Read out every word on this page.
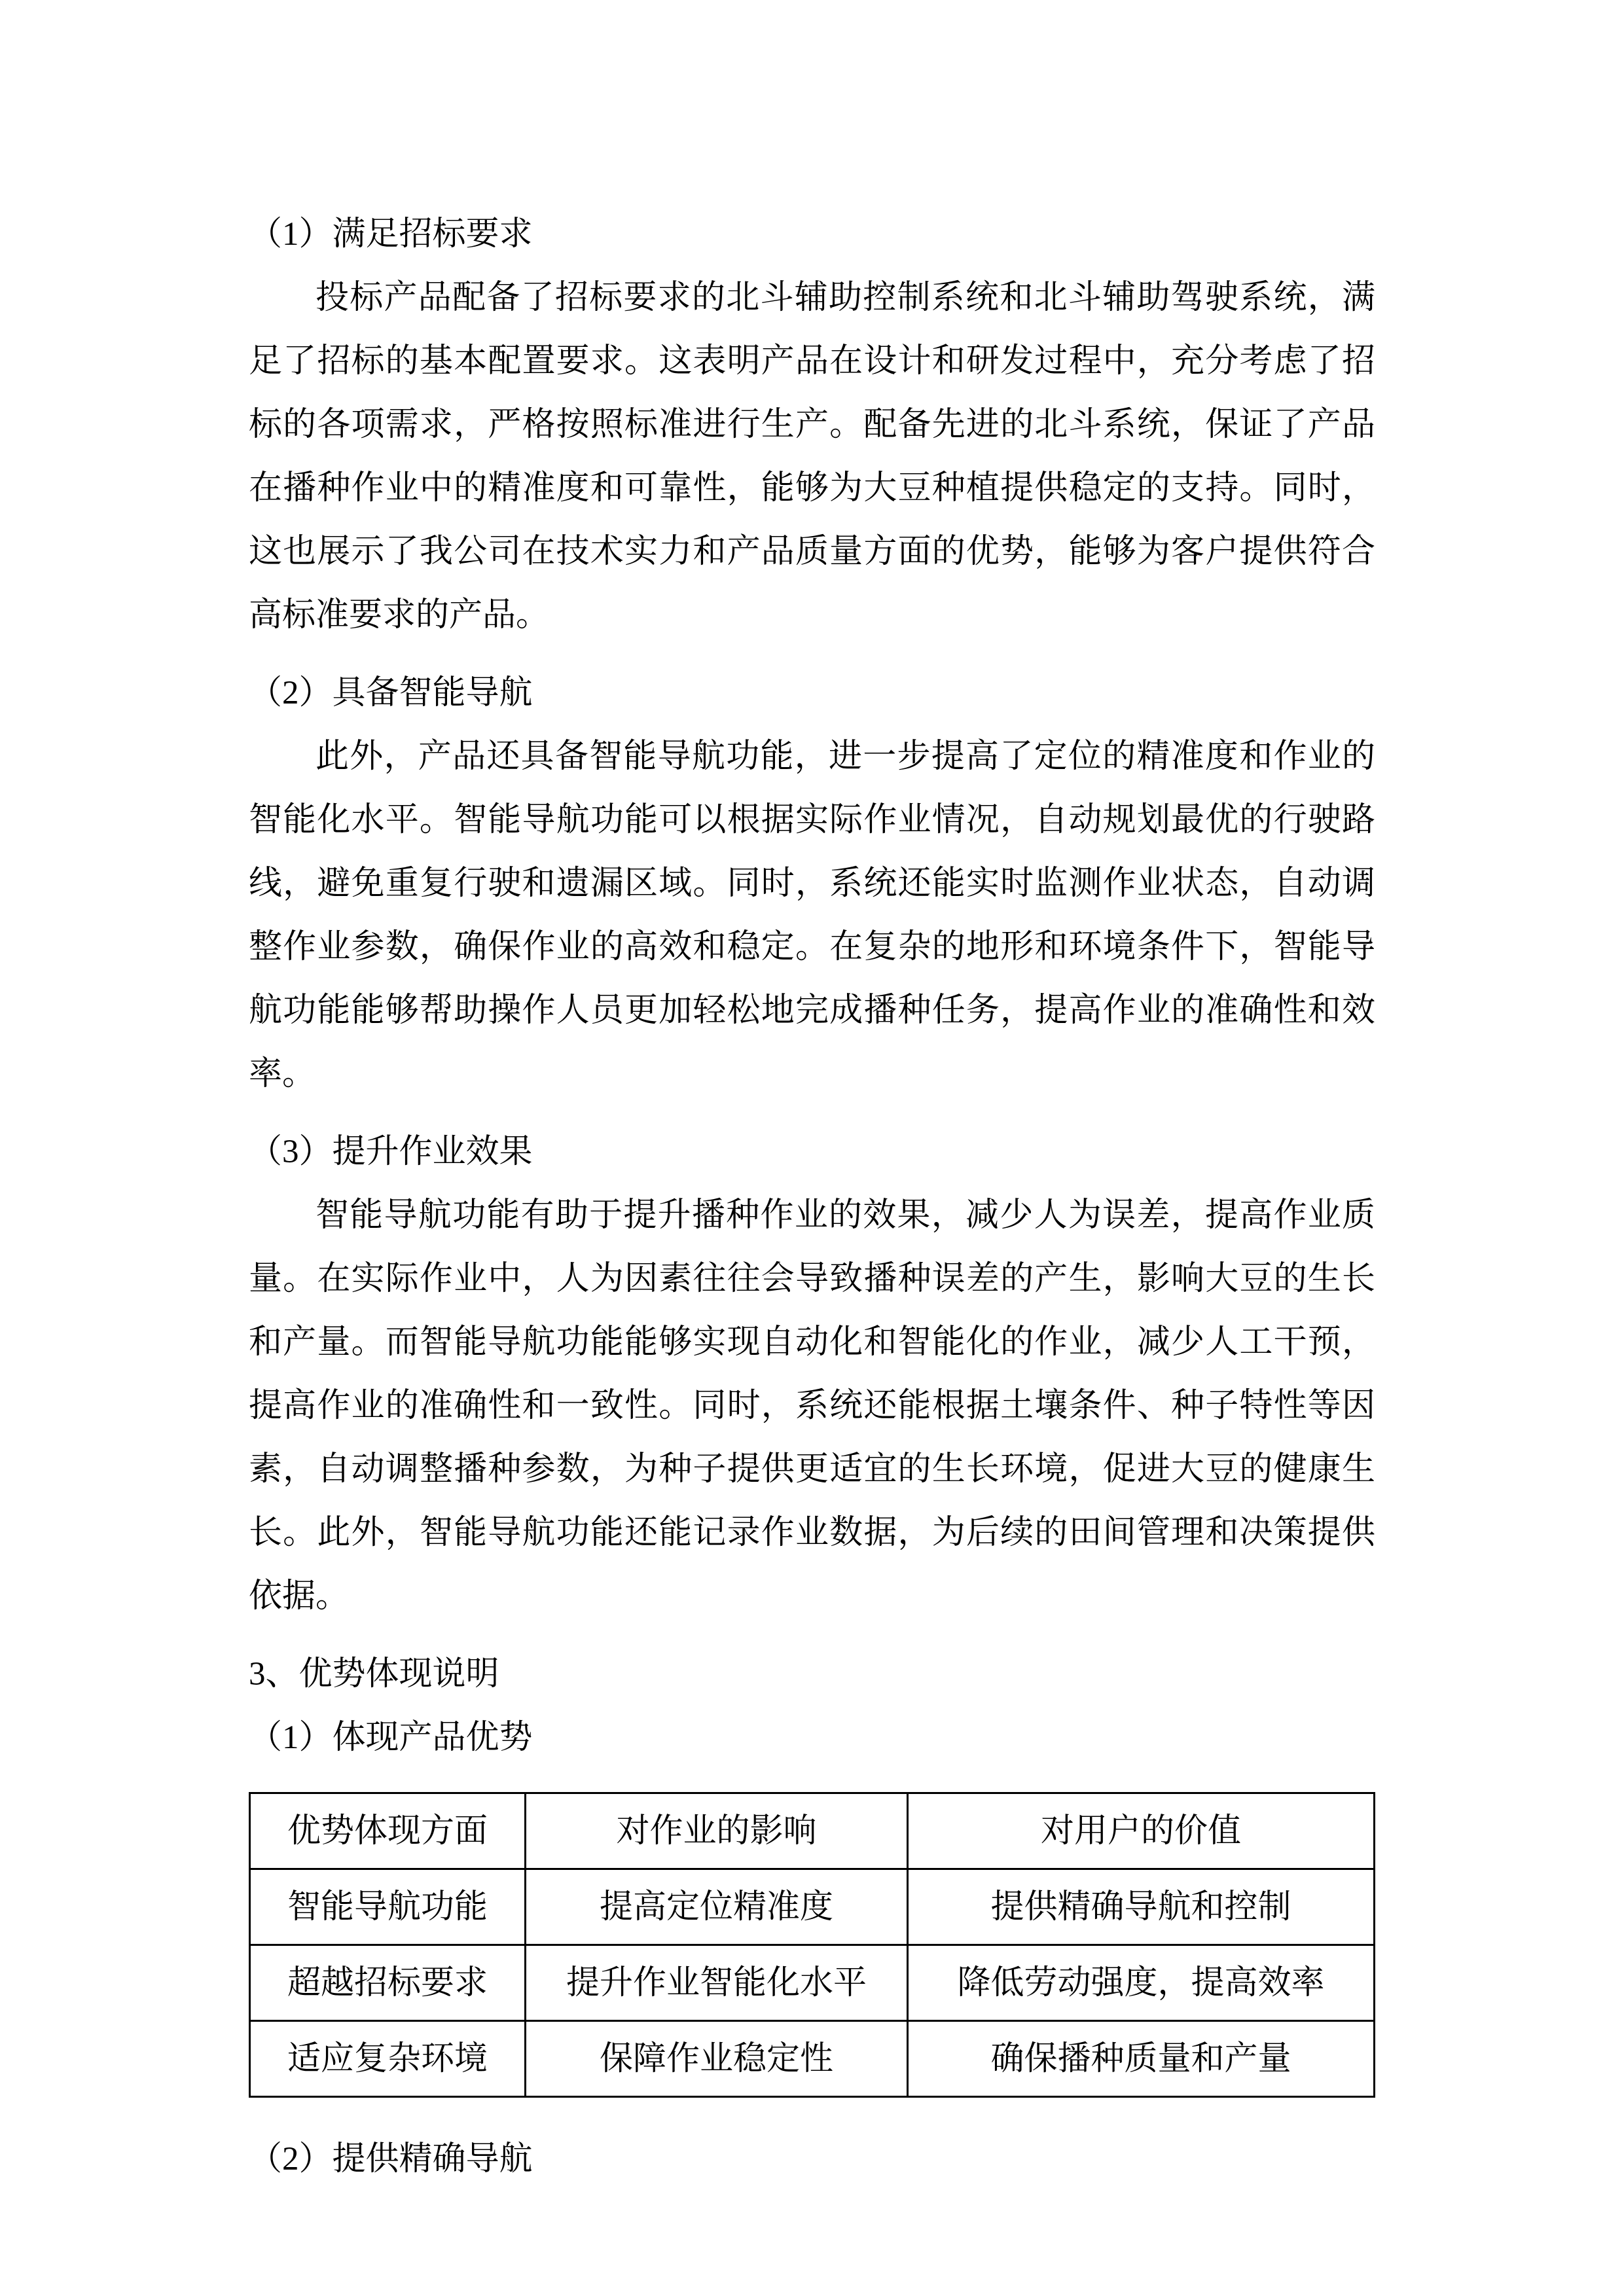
（1）满足招标要求

投标产品配备了招标要求的北斗辅助控制系统和北斗辅助驾驶系统，满足了招标的基本配置要求。这表明产品在设计和研发过程中，充分考虑了招标的各项需求，严格按照标准进行生产。配备先进的北斗系统，保证了产品在播种作业中的精准度和可靠性，能够为大豆种植提供稳定的支持。同时，这也展示了我公司在技术实力和产品质量方面的优势，能够为客户提供符合高标准要求的产品。

（2）具备智能导航

此外，产品还具备智能导航功能，进一步提高了定位的精准度和作业的智能化水平。智能导航功能可以根据实际作业情况，自动规划最优的行驶路线，避免重复行驶和遗漏区域。同时，系统还能实时监测作业状态，自动调整作业参数，确保作业的高效和稳定。在复杂的地形和环境条件下，智能导航功能能够帮助操作人员更加轻松地完成播种任务，提高作业的准确性和效率。

（3）提升作业效果

智能导航功能有助于提升播种作业的效果，减少人为误差，提高作业质量。在实际作业中，人为因素往往会导致播种误差的产生，影响大豆的生长和产量。而智能导航功能能够实现自动化和智能化的作业，减少人工干预，提高作业的准确性和一致性。同时，系统还能根据土壤条件、种子特性等因素，自动调整播种参数，为种子提供更适宜的生长环境，促进大豆的健康生长。此外，智能导航功能还能记录作业数据，为后续的田间管理和决策提供依据。

3、优势体现说明

（1）体现产品优势

优势体现方面	对作业的影响	对用户的价值
智能导航功能	提高定位精准度	提供精确导航和控制
超越招标要求	提升作业智能化水平	降低劳动强度，提高效率
适应复杂环境	保障作业稳定性	确保播种质量和产量

（2）提供精确导航
